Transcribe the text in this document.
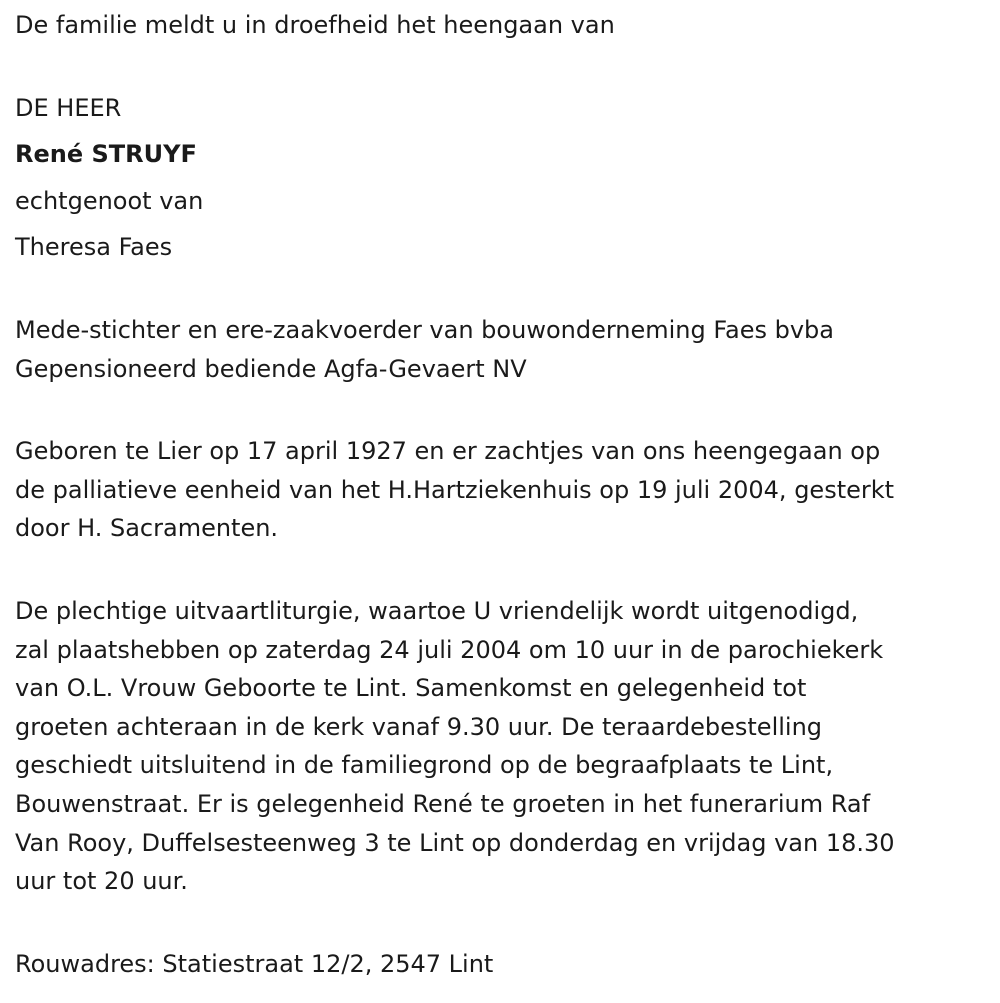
De familie meldt u in droefheid het heengaan van

DE HEER

René STRUYF

echtgenoot van

Theresa Faes

Mede-stichter en ere-zaakvoerder van bouwonderneming Faes bvba
Gepensioneerd bediende Agfa-Gevaert NV

Geboren te Lier op 17 april 1927 en er zachtjes van ons heengegaan op
de palliatieve eenheid van het H.Hartziekenhuis op 19 juli 2004, gesterkt
door H. Sacramenten.

De plechtige uitvaartliturgie, waartoe U vriendelijk wordt uitgenodigd,
zal plaatshebben op zaterdag 24 juli 2004 om 10 uur in de parochiekerk
van O.L. Vrouw Geboorte te Lint. Samenkomst en gelegenheid tot
groeten achteraan in de kerk vanaf 9.30 uur. De teraardebestelling
geschiedt uitsluitend in de familiegrond op de begraafplaats te Lint,
Bouwenstraat. Er is gelegenheid René te groeten in het funerarium Raf
Van Rooy, Duffelsesteenweg 3 te Lint op donderdag en vrijdag van 18.30
uur tot 20 uur.

Rouwadres: Statiestraat 12/2, 2547 Lint
